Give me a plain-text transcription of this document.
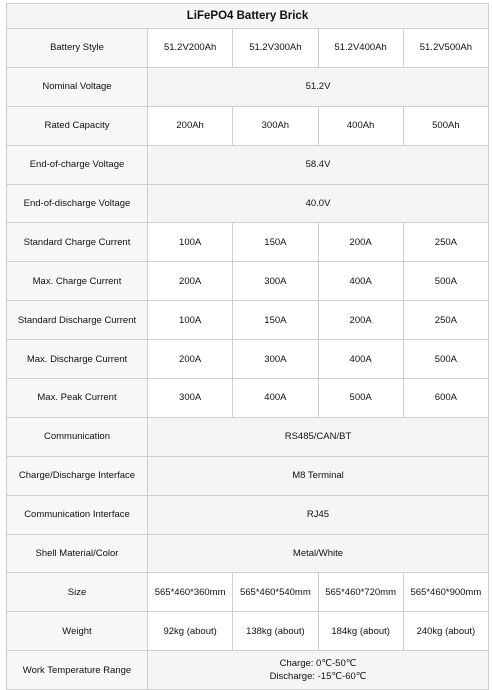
LiFePO4 Battery Brick				
Battery Style	51.2V200Ah	51.2V300Ah	51.2V400Ah	51.2V500Ah
Nominal Voltage	51.2V			
Rated Capacity	200Ah	300Ah	400Ah	500Ah
End-of-charge Voltage	58.4V			
End-of-discharge Voltage	40.0V			
Standard Charge Current	100A	150A	200A	250A
Max. Charge Current	200A	300A	400A	500A
Standard Discharge Current	100A	150A	200A	250A
Max. Discharge Current	200A	300A	400A	500A
Max. Peak Current	300A	400A	500A	600A
Communication	RS485/CAN/BT			
Charge/Discharge Interface	M8 Terminal			
Communication Interface	RJ45			
Shell Material/Color	Metal/White			
Size	565*460*360mm	565*460*540mm	565*460*720mm	565*460*900mm
Weight	92kg (about)	138kg (about)	184kg (about)	240kg (about)
Work Temperature Range	Charge: 0℃-50℃
Discharge: -15℃-60℃			
